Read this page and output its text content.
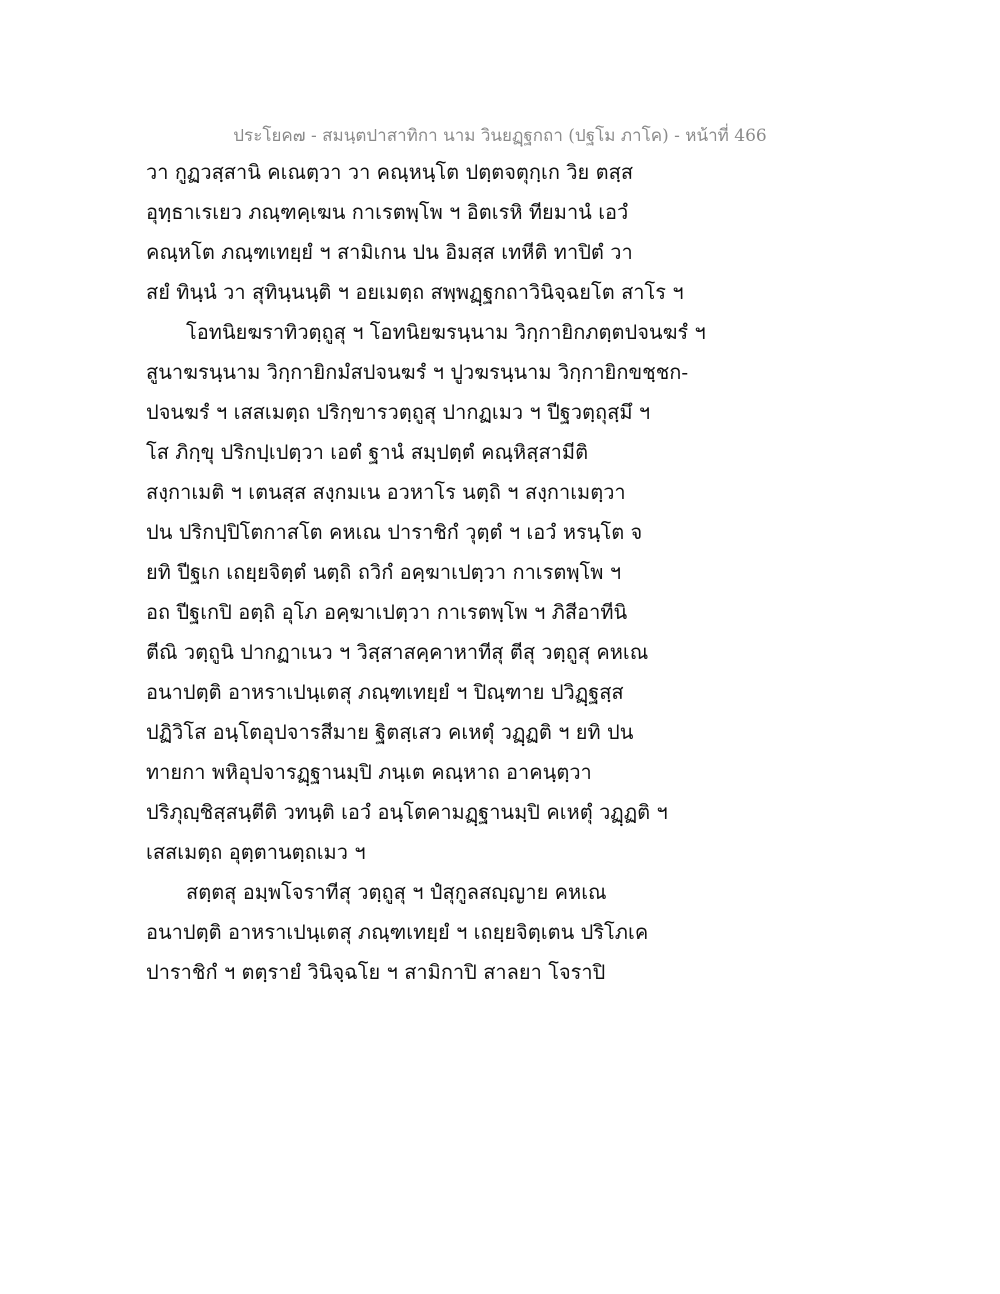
ประโยค๗ - สมนฺตปาสาทิกา นาม วินยฏฺฐกถา (ปฐโม ภาโค) - หน้าที่ 466
วา กูฏวสฺสานิ คเณตฺวา วา คณฺหนฺโต ปตฺตจตุกฺเก วิย ตสฺส
อุทฺธาเรเยว ภณฺฑคฺเฆน กาเรตพฺโพ ฯ อิตเรหิ ทียมานํ เอวํ
คณฺหโต ภณฺฑเทยฺยํ ฯ สามิเกน ปน อิมสฺส เทหีติ ทาปิตํ วา
สยํ ทินฺนํ วา สุทินฺนนฺติ ฯ อยเมตฺถ สพฺพฏฺฐกถาวินิจฺฉยโต สาโร ฯ
โอทนิยฆราทิวตฺถูสุ ฯ โอทนิยฆรนฺนาม วิกฺกายิกภตฺตปจนฆรํ ฯ
สูนาฆรนฺนาม วิกฺกายิกมํสปจนฆรํ ฯ ปูวฆรนฺนาม วิกฺกายิกขชฺชก-
ปจนฆรํ ฯ เสสเมตฺถ ปริกฺขารวตฺถูสุ ปากฏเมว ฯ ปีฐวตฺถุสฺมึ ฯ
โส ภิกฺขุ ปริกปฺเปตฺวา เอตํ ฐานํ สมฺปตฺตํ คณฺหิสฺสามีติ
สงฺกาเมติ ฯ เตนสฺส สงฺกมเน อวหาโร นตฺถิ ฯ สงฺกาเมตฺวา
ปน ปริกปฺปิโตกาสโต คหเณ ปาราชิกํ วุตฺตํ ฯ เอวํ หรนฺโต จ
ยทิ ปีฐเก เถยฺยจิตฺตํ นตฺถิ ถวิกํ อคฺฆาเปตฺวา กาเรตพฺโพ ฯ
อถ ปีฐเกปิ อตฺถิ อุโภ อคฺฆาเปตฺวา กาเรตพฺโพ ฯ ภิสีอาทีนิ
ตีณิ วตฺถูนิ ปากฏาเนว ฯ วิสฺสาสคฺคาหาทีสุ ตีสุ วตฺถูสุ คหเณ
อนาปตฺติ อาหราเปนฺเตสุ ภณฺฑเทยฺยํ ฯ ปิณฺฑาย ปวิฏฺฐสฺส
ปฏิวิโส อนฺโตอุปจารสีมาย ฐิตสฺเสว คเหตุํ วฏฺฏติ ฯ ยทิ ปน
ทายกา พหิอุปจารฏฺฐานมฺปิ ภนฺเต คณฺหาถ อาคนฺตฺวา
ปริภุญฺชิสฺสนฺตีติ วทนฺติ เอวํ อนฺโตคามฏฺฐานมฺปิ คเหตุํ วฏฺฏติ ฯ
เสสเมตฺถ อุตฺตานตฺถเมว ฯ
สตฺตสุ อมฺพโจราทีสุ วตฺถูสุ ฯ ปํสุกูลสญฺญาย คหเณ
อนาปตฺติ อาหราเปนฺเตสุ ภณฺฑเทยฺยํ ฯ เถยฺยจิตฺเตน ปริโภเค
ปาราชิกํ ฯ ตตฺรายํ วินิจฺฉโย ฯ สามิกาปิ สาลยา โจราปิ
